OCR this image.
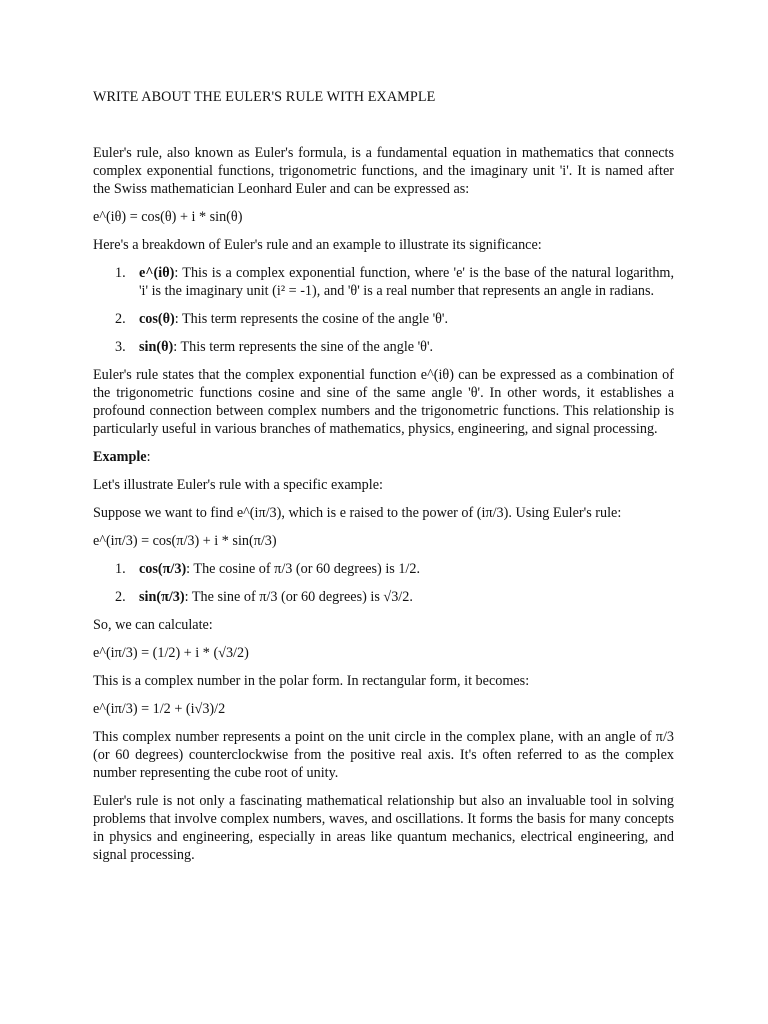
WRITE ABOUT THE EULER'S RULE WITH EXAMPLE

Euler's rule, also known as Euler's formula, is a fundamental equation in mathematics that connects complex exponential functions, trigonometric functions, and the imaginary unit 'i'. It is named after the Swiss mathematician Leonhard Euler and can be expressed as:

e^(iθ) = cos(θ) + i * sin(θ)

Here's a breakdown of Euler's rule and an example to illustrate its significance:

1. e^(iθ): This is a complex exponential function, where 'e' is the base of the natural logarithm, 'i' is the imaginary unit (i² = -1), and 'θ' is a real number that represents an angle in radians.
2. cos(θ): This term represents the cosine of the angle 'θ'.
3. sin(θ): This term represents the sine of the angle 'θ'.

Euler's rule states that the complex exponential function e^(iθ) can be expressed as a combination of the trigonometric functions cosine and sine of the same angle 'θ'. In other words, it establishes a profound connection between complex numbers and the trigonometric functions. This relationship is particularly useful in various branches of mathematics, physics, engineering, and signal processing.

Example:

Let's illustrate Euler's rule with a specific example:

Suppose we want to find e^(iπ/3), which is e raised to the power of (iπ/3). Using Euler's rule:

e^(iπ/3) = cos(π/3) + i * sin(π/3)

1. cos(π/3): The cosine of π/3 (or 60 degrees) is 1/2.
2. sin(π/3): The sine of π/3 (or 60 degrees) is √3/2.

So, we can calculate:

e^(iπ/3) = (1/2) + i * (√3/2)

This is a complex number in the polar form. In rectangular form, it becomes:

e^(iπ/3) = 1/2 + (i√3)/2

This complex number represents a point on the unit circle in the complex plane, with an angle of π/3 (or 60 degrees) counterclockwise from the positive real axis. It's often referred to as the complex number representing the cube root of unity.

Euler's rule is not only a fascinating mathematical relationship but also an invaluable tool in solving problems that involve complex numbers, waves, and oscillations. It forms the basis for many concepts in physics and engineering, especially in areas like quantum mechanics, electrical engineering, and signal processing.
